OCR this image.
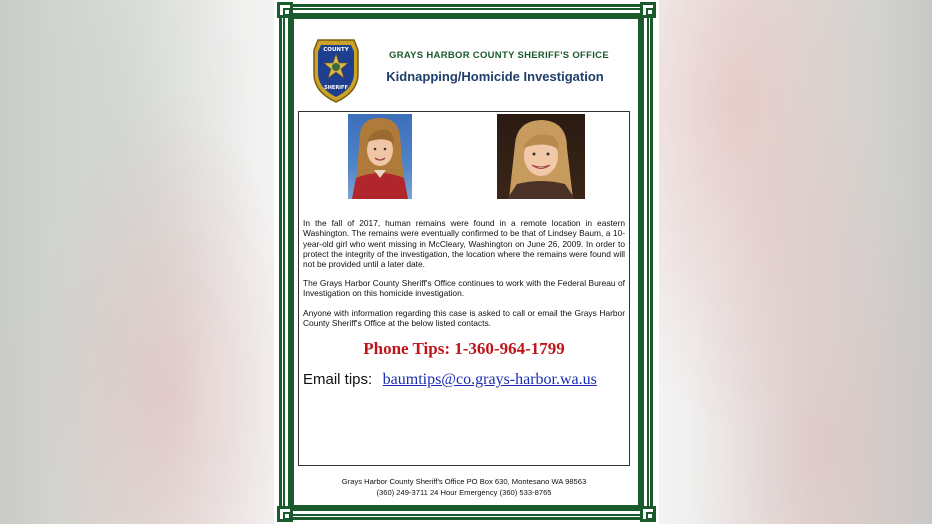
COUNTY
SHERIFF
GRAYS HARBOR COUNTY SHERIFF'S OFFICE
Kidnapping/Homicide Investigation

In the fall of 2017, human remains were found in a remote location in eastern Washington. The remains were eventually confirmed to be that of Lindsey Baum, a 10-year-old girl who went missing in McCleary, Washington on June 26, 2009. In order to protect the integrity of the investigation, the location where the remains were found will not be provided until a later date.

The Grays Harbor County Sheriff's Office continues to work with the Federal Bureau of Investigation on this homicide investigation.

Anyone with information regarding this case is asked to call or email the Grays Harbor County Sheriff's Office at the below listed contacts.

Phone Tips: 1-360-964-1799
Email tips: baumtips@co.grays-harbor.wa.us
Grays Harbor County Sheriff's Office PO Box 630, Montesano WA 98563
(360) 249-3711 24 Hour Emergency (360) 533-8765
